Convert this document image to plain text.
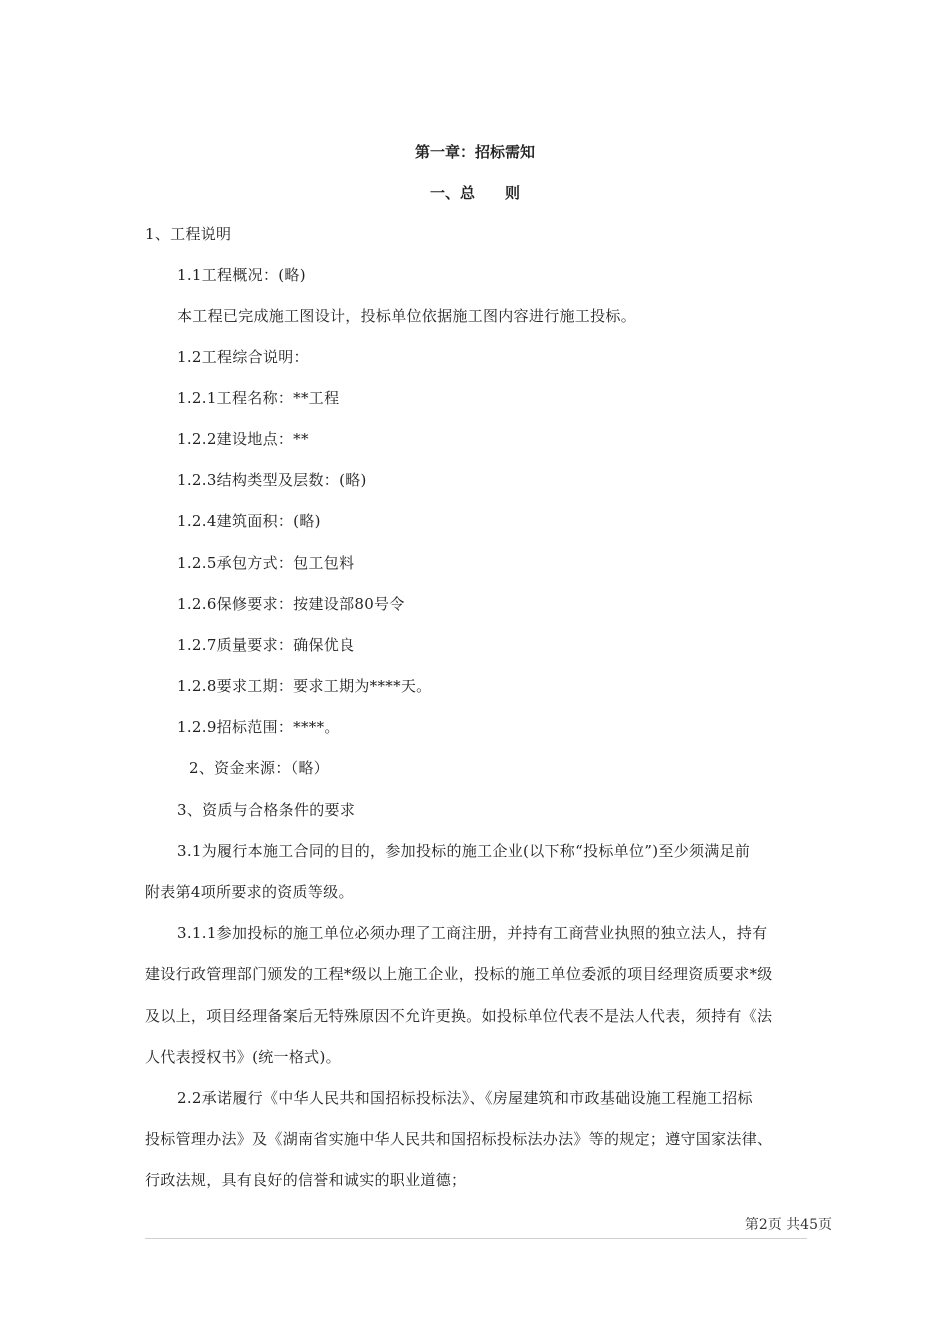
第一章：招标需知
一、总　　则
1、工程说明
1.1工程概况：(略)
本工程已完成施工图设计，投标单位依据施工图内容进行施工投标。
1.2工程综合说明：
1.2.1工程名称：**工程
1.2.2建设地点：**
1.2.3结构类型及层数：(略)
1.2.4建筑面积：(略)
1.2.5承包方式：包工包料
1.2.6保修要求：按建设部80号令
1.2.7质量要求：确保优良
1.2.8要求工期：要求工期为****天。
1.2.9招标范围：****。
2、资金来源：（略）
3、资质与合格条件的要求
3.1为履行本施工合同的目的，参加投标的施工企业(以下称“投标单位”)至少须满足前
附表第4项所要求的资质等级。
3.1.1参加投标的施工单位必须办理了工商注册，并持有工商营业执照的独立法人，持有
建设行政管理部门颁发的工程*级以上施工企业，投标的施工单位委派的项目经理资质要求*级
及以上，项目经理备案后无特殊原因不允许更换。如投标单位代表不是法人代表，须持有《法
人代表授权书》(统一格式)。
2.2承诺履行《中华人民共和国招标投标法》、《房屋建筑和市政基础设施工程施工招标
投标管理办法》及《湖南省实施中华人民共和国招标投标法办法》等的规定；遵守国家法律、
行政法规，具有良好的信誉和诚实的职业道德；
第2页 共45页
